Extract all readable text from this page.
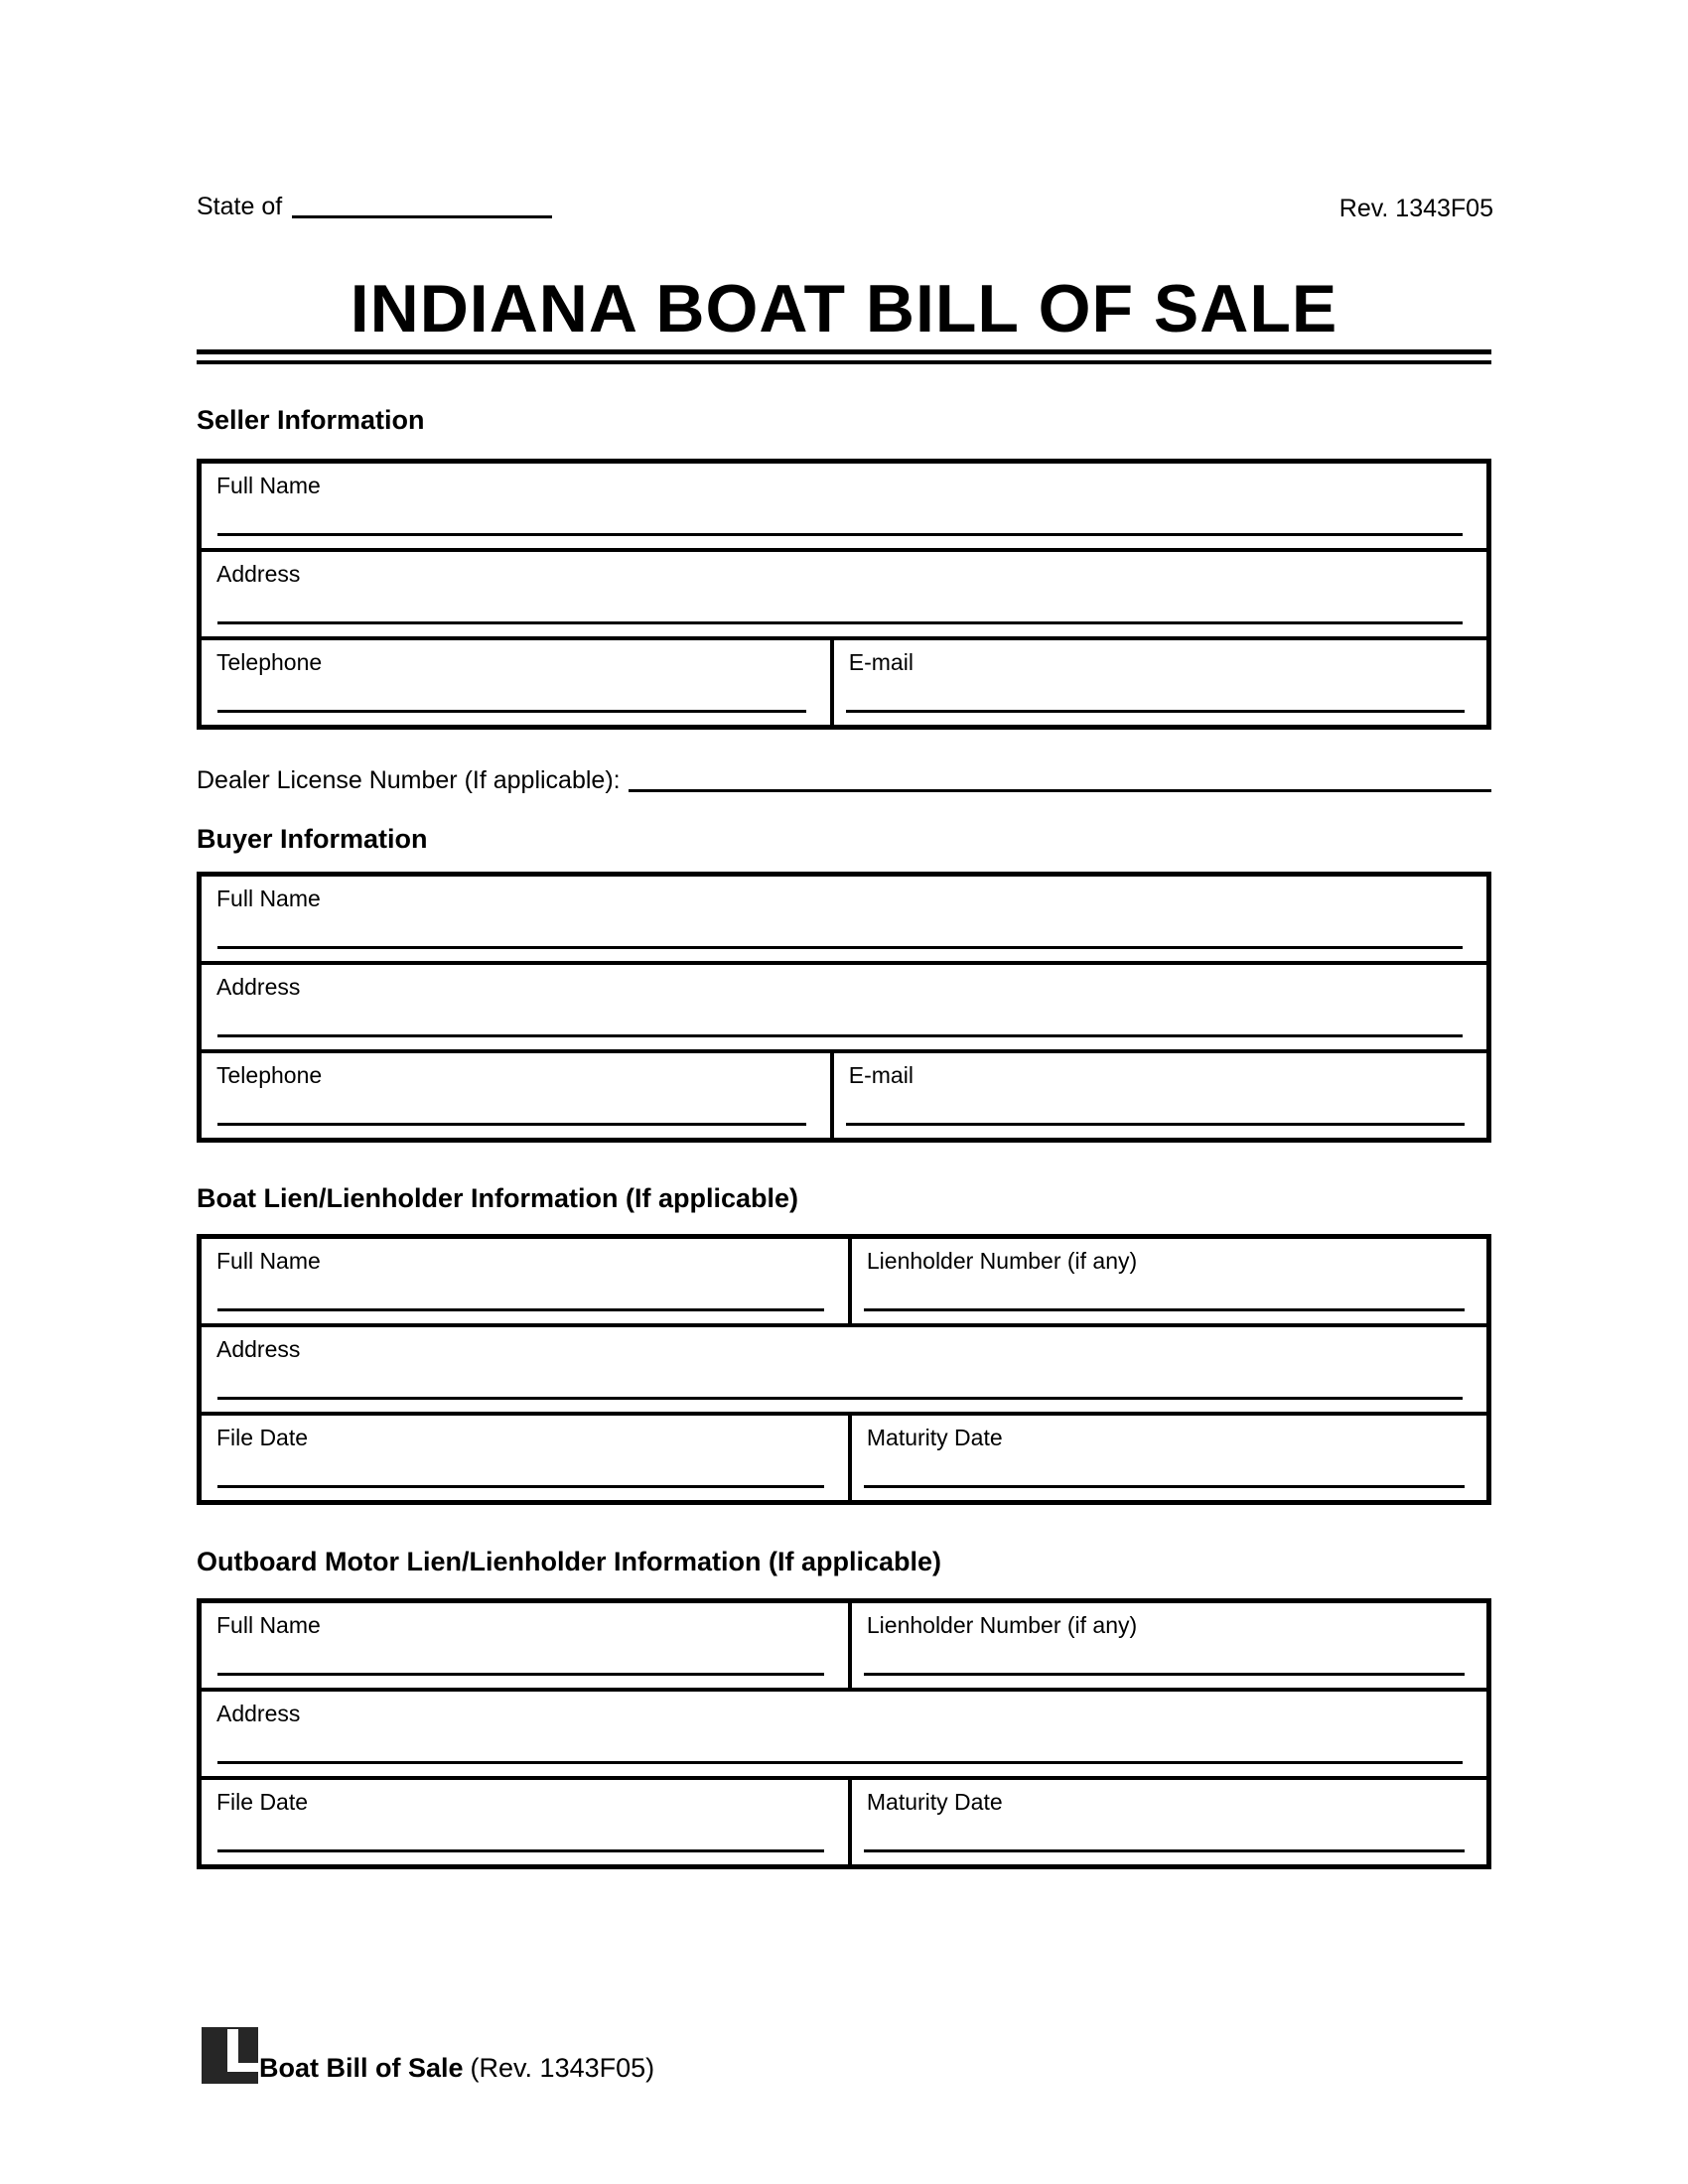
State of	Rev. 1343F05
INDIANA BOAT BILL OF SALE
Seller Information
Full Name
Address
Telephone	E-mail
Dealer License Number (If applicable):
Buyer Information
Full Name
Address
Telephone	E-mail
Boat Lien/Lienholder Information (If applicable)
Full Name	Lienholder Number (if any)
Address
File Date	Maturity Date
Outboard Motor Lien/Lienholder Information (If applicable)
Full Name	Lienholder Number (if any)
Address
File Date	Maturity Date
Boat Bill of Sale (Rev. 1343F05)
